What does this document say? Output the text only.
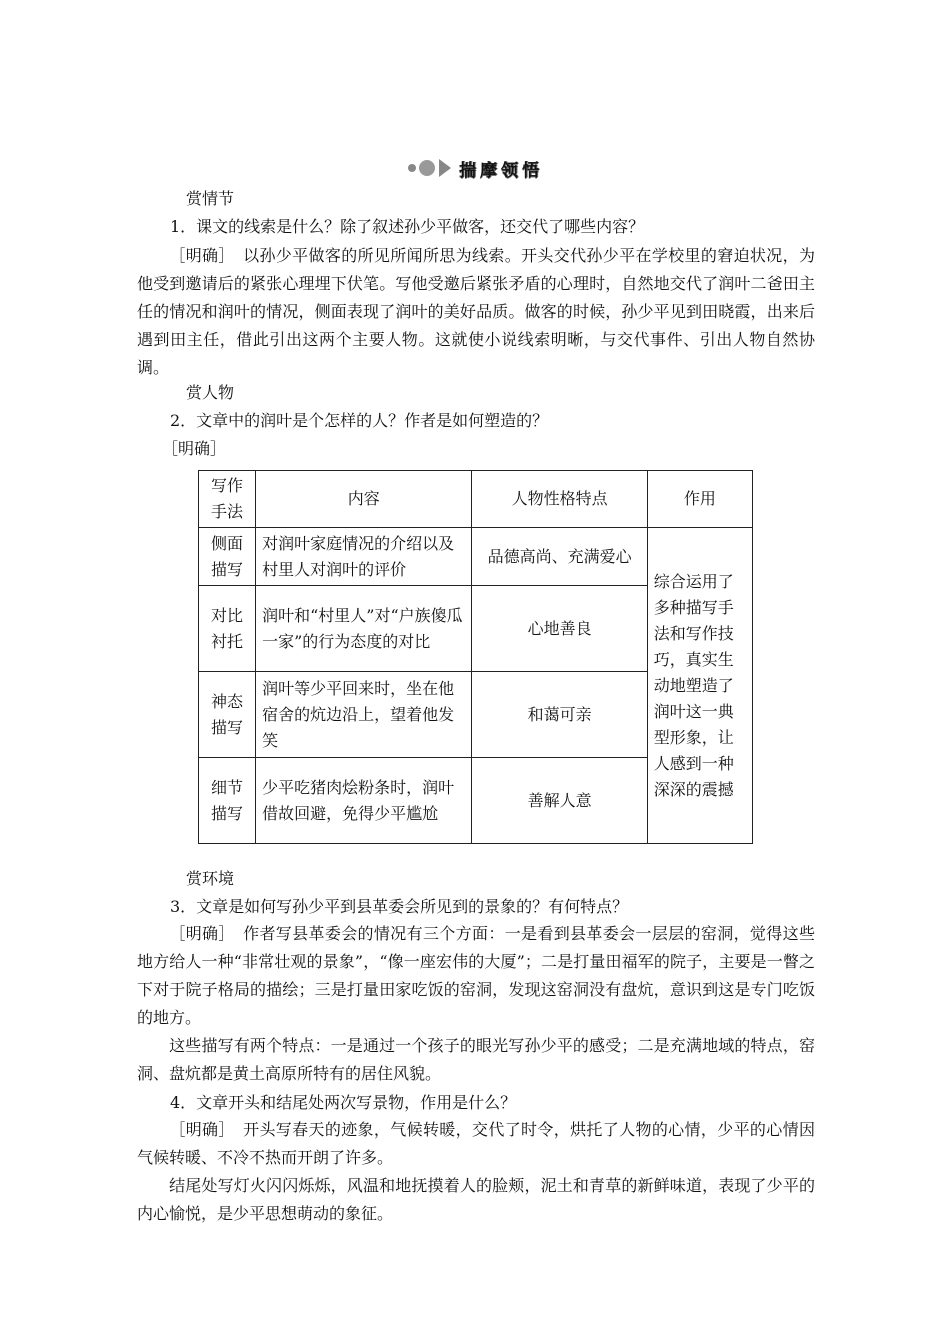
揣摩领悟
赏情节
1．课文的线索是什么？除了叙述孙少平做客，还交代了哪些内容？
［明确］　 以孙少平做客的所见所闻所思为线索。开头交代孙少平在学校里的窘迫状况，为他受到邀请后的紧张心理埋下伏笔。写他受邀后紧张矛盾的心理时，自然地交代了润叶二爸田主任的情况和润叶的情况，侧面表现了润叶的美好品质。做客的时候，孙少平见到田晓霞，出来后遇到田主任，借此引出这两个主要人物。这就使小说线索明晰，与交代事件、引出人物自然协调。
赏人物
2．文章中的润叶是个怎样的人？作者是如何塑造的？
［明确］
写作手法	内容	人物性格特点	作用
侧面描写	对润叶家庭情况的介绍以及村里人对润叶的评价	品德高尚、充满爱心	综合运用了多种描写手法和写作技巧，真实生动地塑造了润叶这一典型形象，让人感到一种深深的震撼
对比衬托	润叶和“村里人”对“户族傻瓜一家”的行为态度的对比	心地善良	
神态描写	润叶等少平回来时，坐在他宿舍的炕边沿上，望着他发笑	和蔼可亲	
细节描写	少平吃猪肉烩粉条时，润叶借故回避，免得少平尴尬	善解人意	
赏环境
3．文章是如何写孙少平到县革委会所见到的景象的？有何特点？
［明确］　 作者写县革委会的情况有三个方面：一是看到县革委会一层层的窑洞，觉得这些地方给人一种“非常壮观的景象”，“像一座宏伟的大厦”；二是打量田福军的院子，主要是一瞥之下对于院子格局的描绘；三是打量田家吃饭的窑洞，发现这窑洞没有盘炕，意识到这是专门吃饭的地方。
这些描写有两个特点：一是通过一个孩子的眼光写孙少平的感受；二是充满地域的特点，窑洞、盘炕都是黄土高原所特有的居住风貌。
4．文章开头和结尾处两次写景物，作用是什么？
［明确］　 开头写春天的迹象，气候转暖，交代了时令，烘托了人物的心情，少平的心情因气候转暖、不冷不热而开朗了许多。
结尾处写灯火闪闪烁烁，风温和地抚摸着人的脸颊，泥土和青草的新鲜味道，表现了少平的内心愉悦，是少平思想萌动的象征。
